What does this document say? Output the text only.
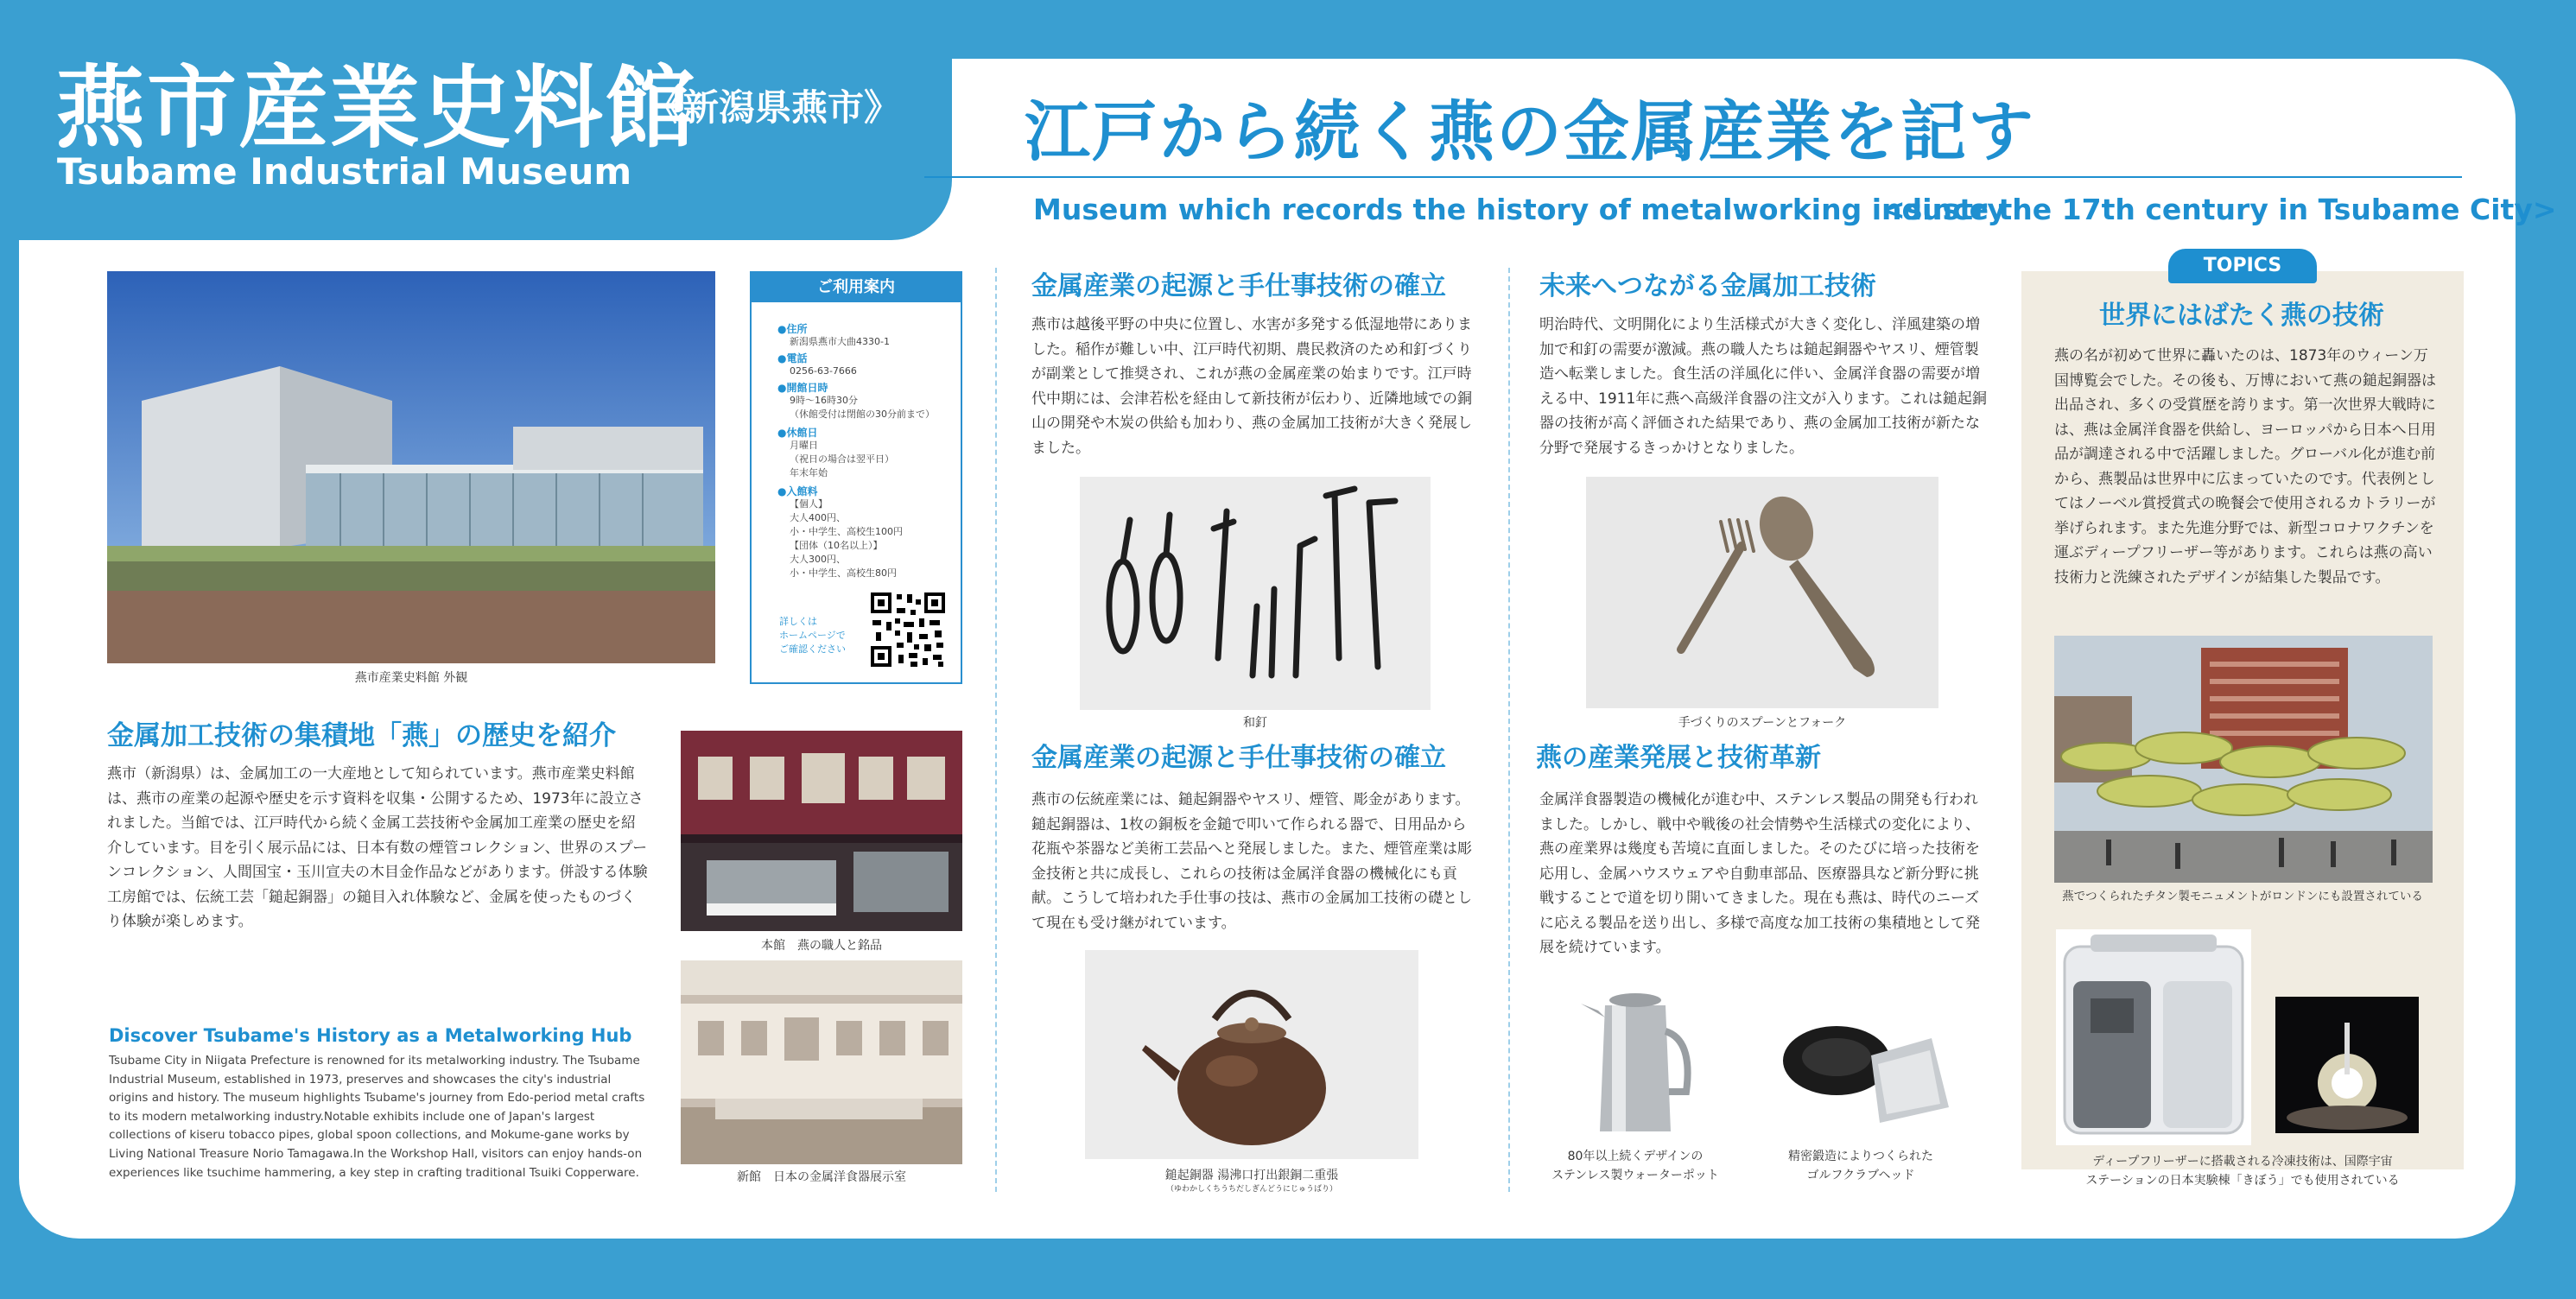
燕市産業史料館
《新潟県燕市》
Tsubame Industrial Museum
江戸から続く燕の金属産業を記す
Museum which records the history of metalworking industry
<since the 17th century in Tsubame City>
燕市産業史料館 外観
ご利用案内
●住所
新潟県燕市大曲4330-1
●電話
0256-63-7666
●開館日時
9時〜16時30分
（休館受付は閉館の30分前まで）
●休館日
月曜日
（祝日の場合は翌平日）
年末年始
●入館料
【個人】
大人400円、
小・中学生、高校生100円
【団体（10名以上）】
大人300円、
小・中学生、高校生80円
詳しくは
ホームページで
ご確認ください
金属加工技術の集積地「燕」の歴史を紹介
燕市（新潟県）は、金属加工の一大産地として知られています。燕市産業史料館は、燕市の産業の起源や歴史を示す資料を収集・公開するため、1973年に設立されました。当館では、江戸時代から続く金属工芸技術や金属加工産業の歴史を紹介しています。目を引く展示品には、日本有数の煙管コレクション、世界のスプーンコレクション、人間国宝・玉川宣夫の木目金作品などがあります。併設する体験工房館では、伝統工芸「鎚起銅器」の鎚目入れ体験など、金属を使ったものづくり体験が楽しめます。
本館　燕の職人と銘品
新館　日本の金属洋食器展示室
Discover Tsubame's History as a Metalworking Hub
Tsubame City in Niigata Prefecture is renowned for its metalworking industry. The Tsubame Industrial Museum, established in 1973, preserves and showcases the city's industrial origins and history. The museum highlights Tsubame's journey from Edo-period metal crafts to its modern metalworking industry.Notable exhibits include one of Japan's largest collections of kiseru tobacco pipes, global spoon collections, and Mokume-gane works by Living National Treasure Norio Tamagawa.In the Workshop Hall, visitors can enjoy hands-on experiences like tsuchime hammering, a key step in crafting traditional Tsuiki Copperware.
金属産業の起源と手仕事技術の確立
燕市は越後平野の中央に位置し、水害が多発する低湿地帯にありました。稲作が難しい中、江戸時代初期、農民救済のため和釘づくりが副業として推奨され、これが燕の金属産業の始まりです。江戸時代中期には、会津若松を経由して新技術が伝わり、近隣地域での銅山の開発や木炭の供給も加わり、燕の金属加工技術が大きく発展しました。
和釘
金属産業の起源と手仕事技術の確立
燕市の伝統産業には、鎚起銅器やヤスリ、煙管、彫金があります。鎚起銅器は、1枚の銅板を金鎚で叩いて作られる器で、日用品から花瓶や茶器など美術工芸品へと発展しました。また、煙管産業は彫金技術と共に成長し、これらの技術は金属洋食器の機械化にも貢献。こうして培われた手仕事の技は、燕市の金属加工技術の礎として現在も受け継がれています。
鎚起銅器 湯沸口打出銀銅二重張
（ゆわかしくちうちだしぎんどうにじゅうばり）
未来へつながる金属加工技術
明治時代、文明開化により生活様式が大きく変化し、洋風建築の増加で和釘の需要が激減。燕の職人たちは鎚起銅器やヤスリ、煙管製造へ転業しました。食生活の洋風化に伴い、金属洋食器の需要が増える中、1911年に燕へ高級洋食器の注文が入ります。これは鎚起銅器の技術が高く評価された結果であり、燕の金属加工技術が新たな分野で発展するきっかけとなりました。
手づくりのスプーンとフォーク
燕の産業発展と技術革新
金属洋食器製造の機械化が進む中、ステンレス製品の開発も行われました。しかし、戦中や戦後の社会情勢や生活様式の変化により、燕の産業界は幾度も苦境に直面しました。そのたびに培った技術を応用し、金属ハウスウェアや自動車部品、医療器具など新分野に挑戦することで道を切り開いてきました。現在も燕は、時代のニーズに応える製品を送り出し、多様で高度な加工技術の集積地として発展を続けています。
80年以上続くデザインの
ステンレス製ウォーターポット
精密鍛造によりつくられた
ゴルフクラブヘッド
TOPICS
世界にはばたく燕の技術
燕の名が初めて世界に轟いたのは、1873年のウィーン万国博覧会でした。その後も、万博において燕の鎚起銅器は出品され、多くの受賞歴を誇ります。第一次世界大戦時には、燕は金属洋食器を供給し、ヨーロッパから日本へ日用品が調達される中で活躍しました。グローバル化が進む前から、燕製品は世界中に広まっていたのです。代表例としてはノーベル賞授賞式の晩餐会で使用されるカトラリーが挙げられます。また先進分野では、新型コロナワクチンを運ぶディープフリーザー等があります。これらは燕の高い技術力と洗練されたデザインが結集した製品です。
燕でつくられたチタン製モニュメントがロンドンにも設置されている
ディープフリーザーに搭載される冷凍技術は、国際宇宙
ステーションの日本実験棟「きぼう」でも使用されている
